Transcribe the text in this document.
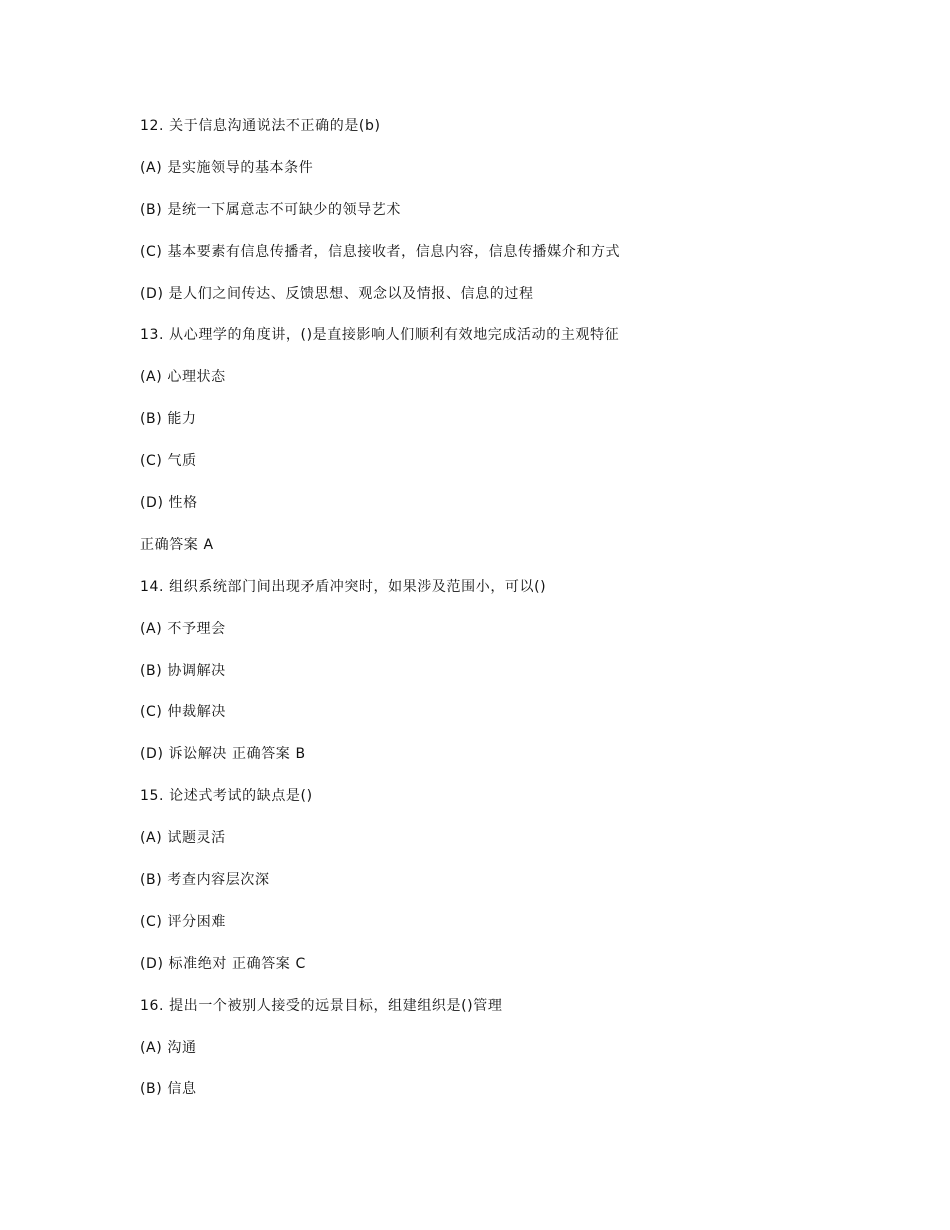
12. 关于信息沟通说法不正确的是(b)
(A) 是实施领导的基本条件
(B) 是统一下属意志不可缺少的领导艺术
(C) 基本要素有信息传播者，信息接收者，信息内容，信息传播媒介和方式
(D) 是人们之间传达、反馈思想、观念以及情报、信息的过程
13. 从心理学的角度讲，()是直接影响人们顺利有效地完成活动的主观特征
(A) 心理状态
(B) 能力
(C) 气质
(D) 性格
正确答案 A
14. 组织系统部门间出现矛盾冲突时，如果涉及范围小，可以()
(A) 不予理会
(B) 协调解决
(C) 仲裁解决
(D) 诉讼解决 正确答案 B
15. 论述式考试的缺点是()
(A) 试题灵活
(B) 考查内容层次深
(C) 评分困难
(D) 标准绝对 正确答案 C
16. 提出一个被别人接受的远景目标，组建组织是()管理
(A) 沟通
(B) 信息
